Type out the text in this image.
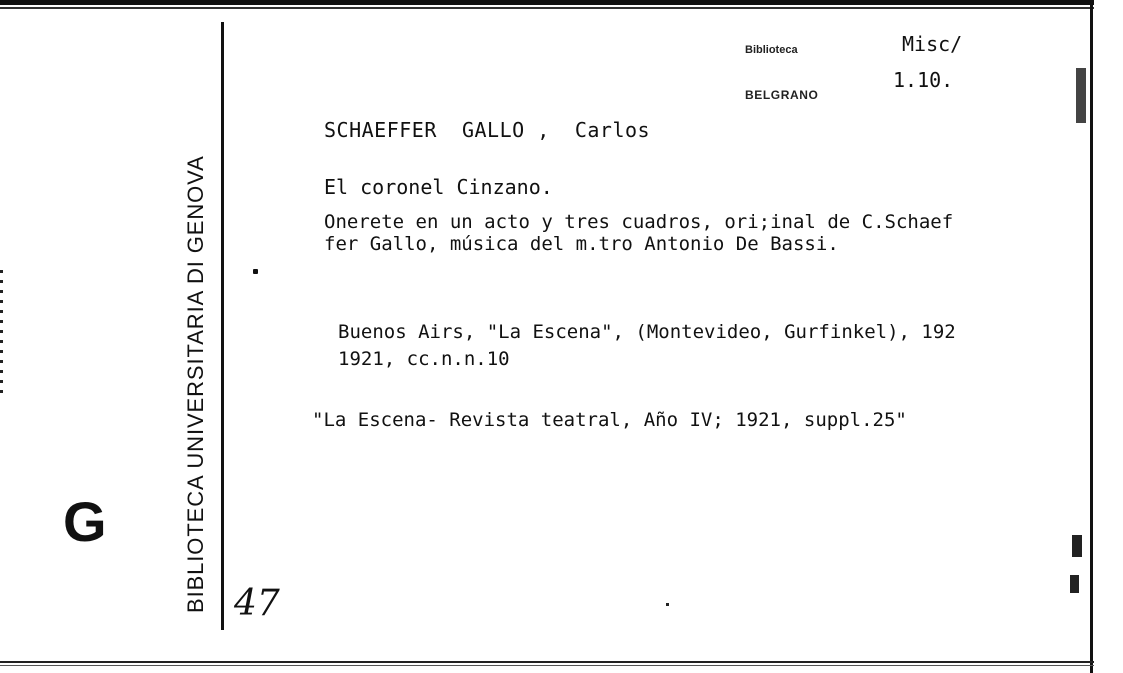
BIBLIOTECA UNIVERSITARIA DI GENOVA
G
47
Biblioteca
BELGRANO
Misc/
1.10.
SCHAEFFER  GALLO ,  Carlos
El coronel Cinzano.
Onerete en un acto y tres cuadros, ori;inal de C.Schaef
fer Gallo, música del m.tro Antonio De Bassi.
Buenos Airs, "La Escena", (Montevideo, Gurfinkel), 192
1921, cc.n.n.10
"La Escena- Revista teatral, Año IV; 1921, suppl.25"
